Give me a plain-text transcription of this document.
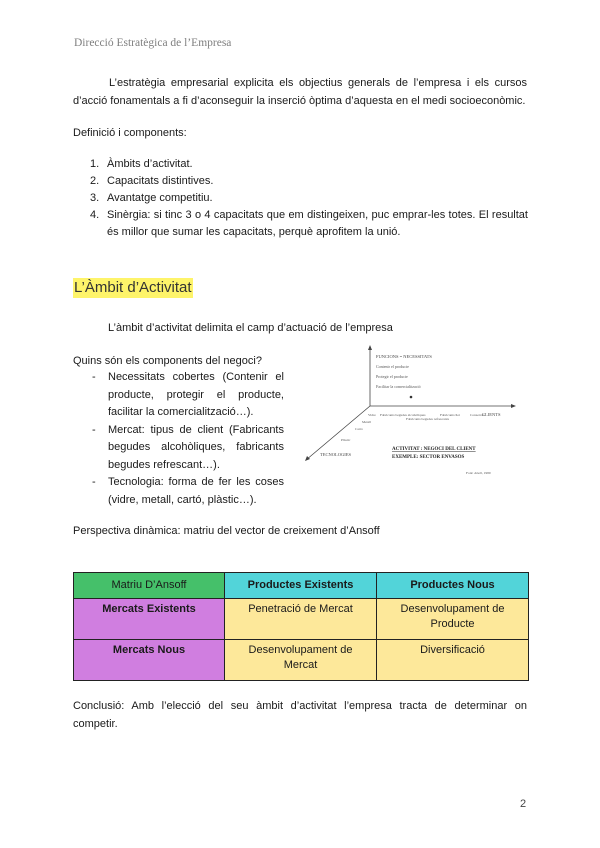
Direcció Estratègica de l’Empresa
L’estratègia empresarial explicita els objectius generals de l’empresa i els cursos
d’acció fonamentals a fi d’aconseguir la inserció òptima d’aquesta en el medi socioeconòmic.
Definició i components:
1. Àmbits d’activitat.
2. Capacitats distintives.
3. Avantatge competitiu.
4. Sinèrgia: si tinc 3 o 4 capacitats que em distingeixen, puc emprar-les totes. El resultat és millor que sumar les capacitats, perquè aprofitem la unió.
L’Àmbit d’Activitat
L’àmbit d’activitat delimita el camp d’actuació de l’empresa
Quins són els components del negoci?
- Necessitats cobertes (Contenir el producte, protegir el producte, facilitar la comercialització…).
- Mercat: tipus de client (Fabricants begudes alcohòliques, fabricants begudes refrescant…).
- Tecnologia: forma de fer les coses (vidre, metall, cartó, plàstic…).
FUNCIONS = NECESSITATS
Contenir el producte
Protegir el producte
Facilitar la comercialització
Fabricants begudes alcohòliques
Fabricants begudes refrescants
Fabricants llet	Conserves
CLIENTS
Vidre
Metall
Cartó
Plàstic
TECNOLOGIES
ACTIVITAT : NEGOCI DEL CLIENT
EXEMPLE: SECTOR ENVASOS
Font: Abell, 1980
Perspectiva dinàmica: matriu del vector de creixement d’Ansoff
Matriu D’Ansoff	Productes Existents	Productes Nous
Mercats Existents	Penetració de Mercat	Desenvolupament de Producte
Mercats Nous	Desenvolupament de Mercat	Diversificació
Conclusió: Amb l’elecció del seu àmbit d’activitat l’empresa tracta de determinar on
competir.
2
